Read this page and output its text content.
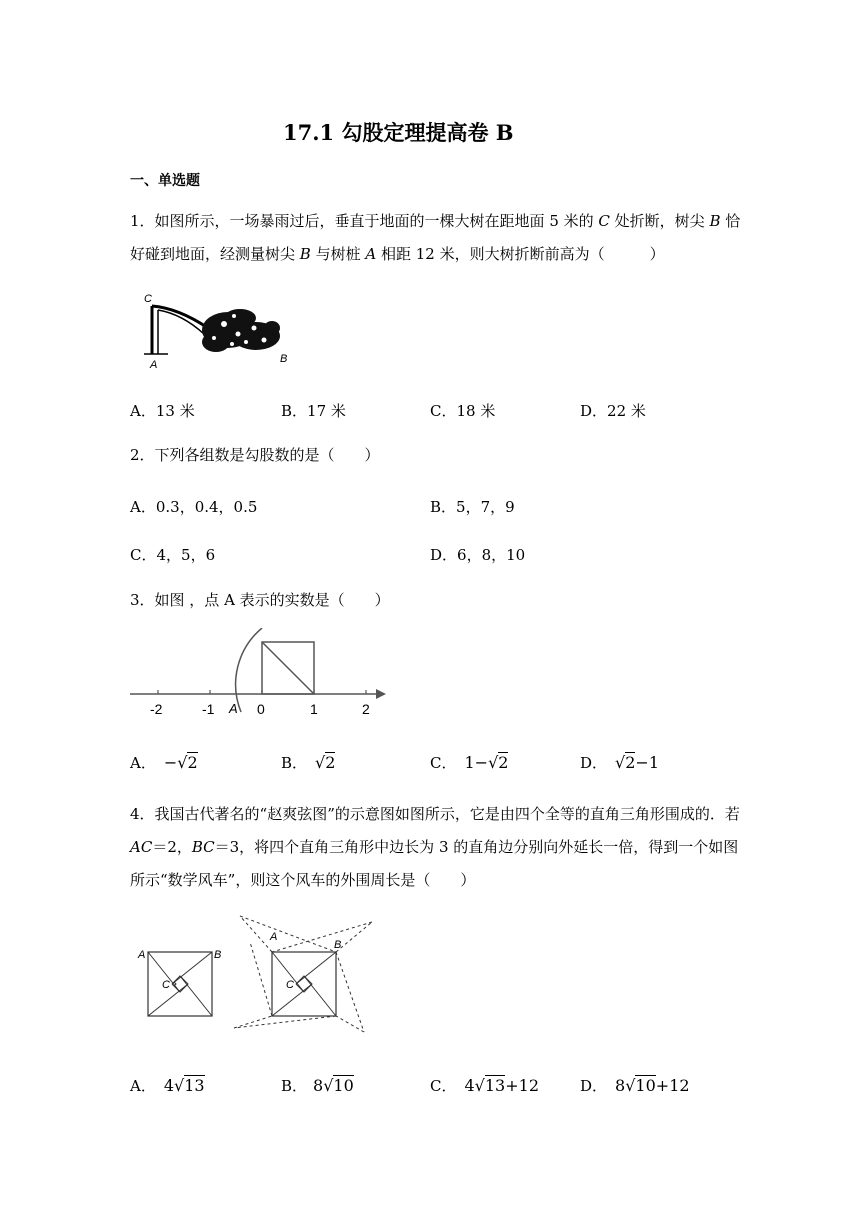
17.1 勾股定理提高卷 B
一、单选题
1．如图所示，一场暴雨过后，垂直于地面的一棵大树在距地面 5 米的 C 处折断，树尖 B 恰
好碰到地面，经测量树尖 B 与树桩 A 相距 12 米，则大树折断前高为（　　　）
C
A	B
A．13 米	B．17 米	C．18 米	D．22 米
2．下列各组数是勾股数的是（　　）
A．0.3，0.4，0.5	B．5，7，9
C．4，5，6	D．6，8，10
3．如图 ，点 A 表示的实数是（　　）
-2	-1	0	1	2
A
A． −√2	B． √2	C． 1−√2	D． √2−1
4．我国古代著名的“赵爽弦图”的示意图如图所示，它是由四个全等的直角三角形围成的．若
AC＝2，BC＝3，将四个直角三角形中边长为 3 的直角边分别向外延长一倍，得到一个如图
所示“数学风车”，则这个风车的外围周长是（　　）
A	B
C
A
B
C
A． 4√13	B． 8√10	C． 4√13+12	D． 8√10+12
